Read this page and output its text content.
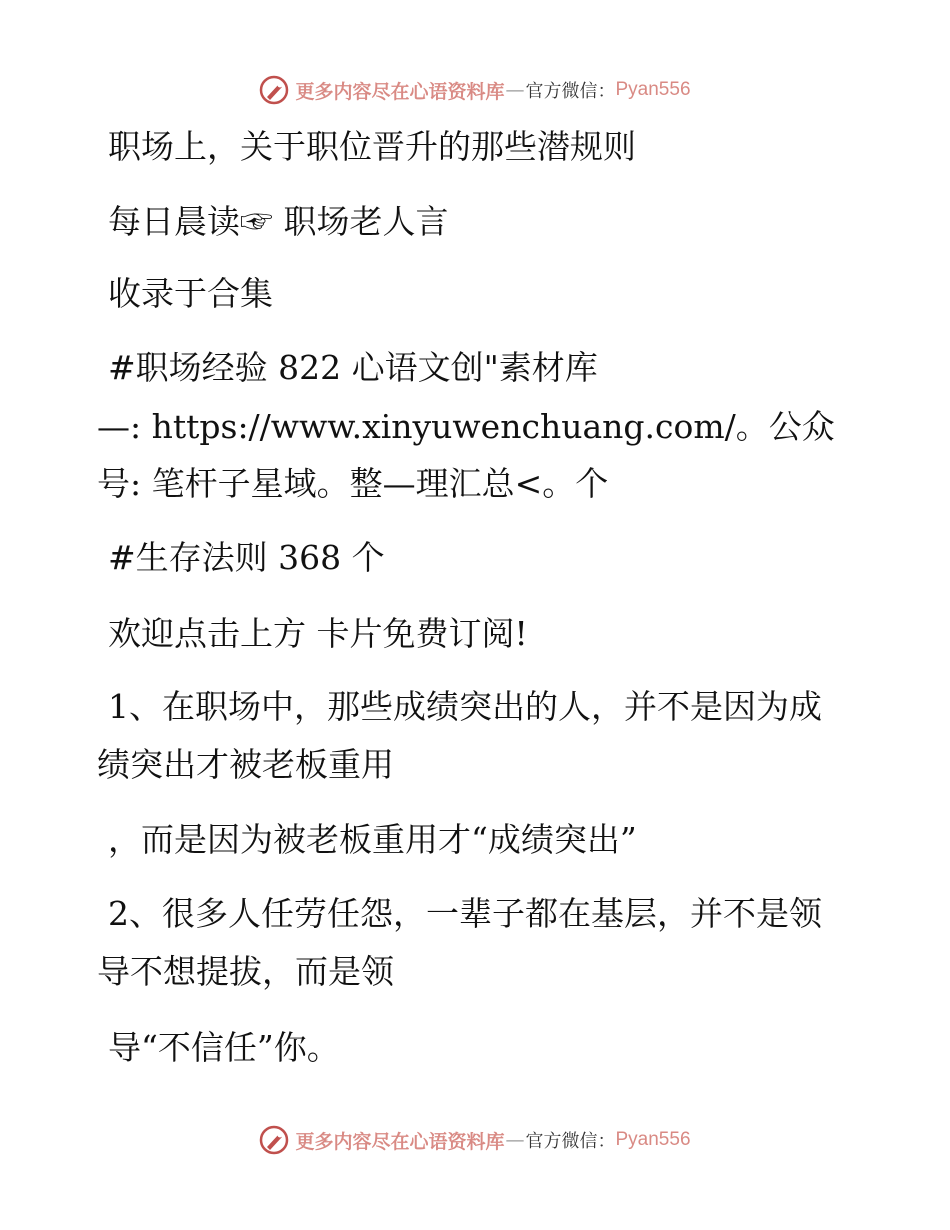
更多内容尽在心语资料库 — 官方微信： Pyan556
职场上，关于职位晋升的那些潜规则
每日晨读☞ 职场老人言
收录于合集
#职场经验 822 心语文创"素材库
—: https://www.xinyuwenchuang.com/。公众
号: 笔杆子星域。整—理汇总<。个
#生存法则 368 个
欢迎点击上方 卡片免费订阅!
1、在职场中，那些成绩突出的人，并不是因为成
绩突出才被老板重用
，而是因为被老板重用才“成绩突出”
2、很多人任劳任怨，一辈子都在基层，并不是领
导不想提拔，而是领
导“不信任”你。
更多内容尽在心语资料库 — 官方微信： Pyan556
